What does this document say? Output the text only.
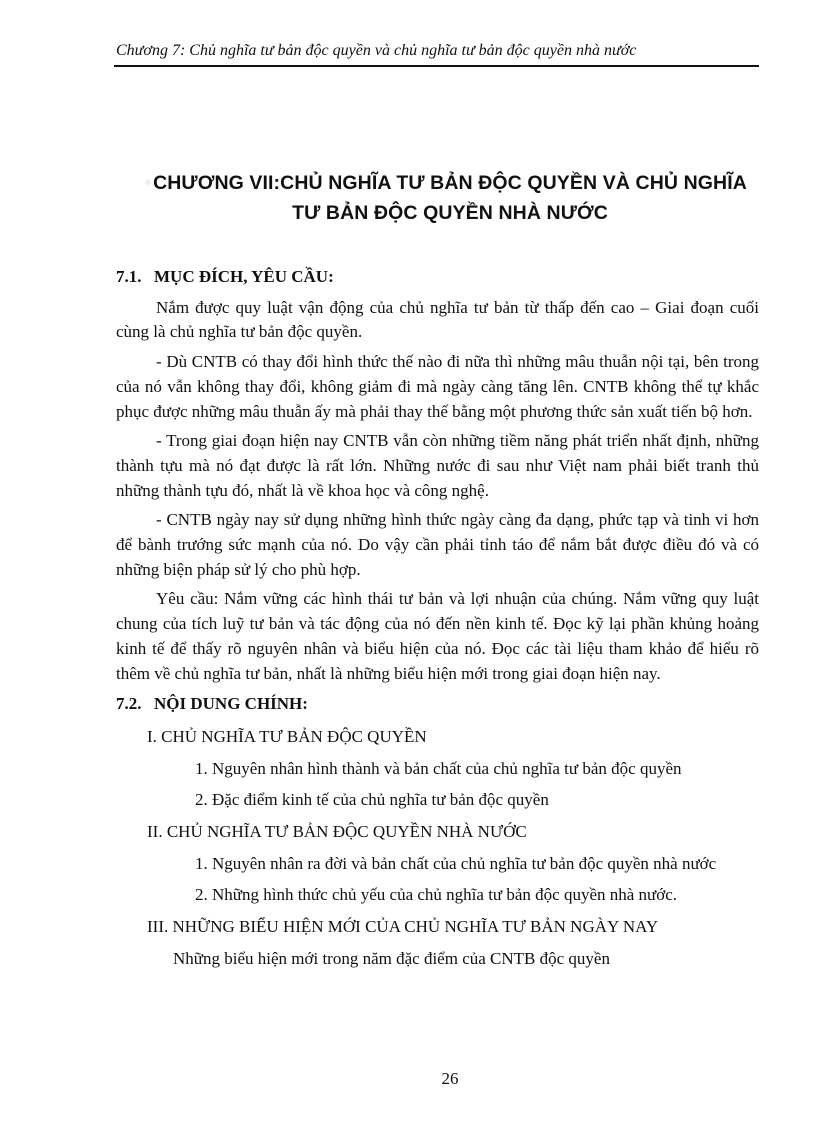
Chương 7: Chủ nghĩa tư bản độc quyền và chủ nghĩa tư bản độc quyền nhà nước
✧ CHƯƠNG VII:CHỦ NGHĨA TƯ BẢN ĐỘC QUYỀN VÀ CHỦ NGHĨA TƯ BẢN ĐỘC QUYỀN NHÀ NƯỚC
7.1. MỤC ĐÍCH, YÊU CẦU:

Nắm được quy luật vận động của chủ nghĩa tư bản từ thấp đến cao – Giai đoạn cuối cùng là chủ nghĩa tư bản độc quyền.

- Dù CNTB có thay đổi hình thức thế nào đi nữa thì những mâu thuẫn nội tại, bên trong của nó vẫn không thay đổi, không giảm đi mà ngày càng tăng lên. CNTB không thể tự khắc phục được những mâu thuẫn ấy mà phải thay thế bằng một phương thức sản xuất tiến bộ hơn.

- Trong giai đoạn hiện nay CNTB vẫn còn những tiềm năng phát triển nhất định, những thành tựu mà nó đạt được là rất lớn. Những nước đi sau như Việt nam phải biết tranh thủ những thành tựu đó, nhất là về khoa học và công nghệ.

- CNTB ngày nay sử dụng những hình thức ngày càng đa dạng, phức tạp và tinh vi hơn để bành trướng sức mạnh của nó. Do vậy cần phải tỉnh táo để nắm bắt được điều đó và có những biện pháp sử lý cho phù hợp.

Yêu cầu: Nắm vững các hình thái tư bản và lợi nhuận của chúng. Nắm vững quy luật chung của tích luỹ tư bản và tác động của nó đến nền kinh tế. Đọc kỹ lại phần khủng hoảng kinh tế để thấy rõ nguyên nhân và biểu hiện của nó. Đọc các tài liệu tham khảo để hiểu rõ thêm về chủ nghĩa tư bản, nhất là những biểu hiện mới trong giai đoạn hiện nay.

7.2. NỘI DUNG CHÍNH:
I. CHỦ NGHĨA TƯ BẢN ĐỘC QUYỀN
1. Nguyên nhân hình thành và bản chất của chủ nghĩa tư bản độc quyền
2. Đặc điểm kinh tế của chủ nghĩa tư bản độc quyền
II. CHỦ NGHĨA TƯ BẢN ĐỘC QUYỀN NHÀ NƯỚC
1. Nguyên nhân ra đời và bản chất của chủ nghĩa tư bản độc quyền nhà nước
2. Những hình thức chủ yếu của chủ nghĩa tư bản độc quyền nhà nước.
III. NHỮNG BIỂU HIỆN MỚI CỦA CHỦ NGHĨA TƯ BẢN NGÀY NAY
Những biểu hiện mới trong năm đặc điểm của CNTB độc quyền
26
